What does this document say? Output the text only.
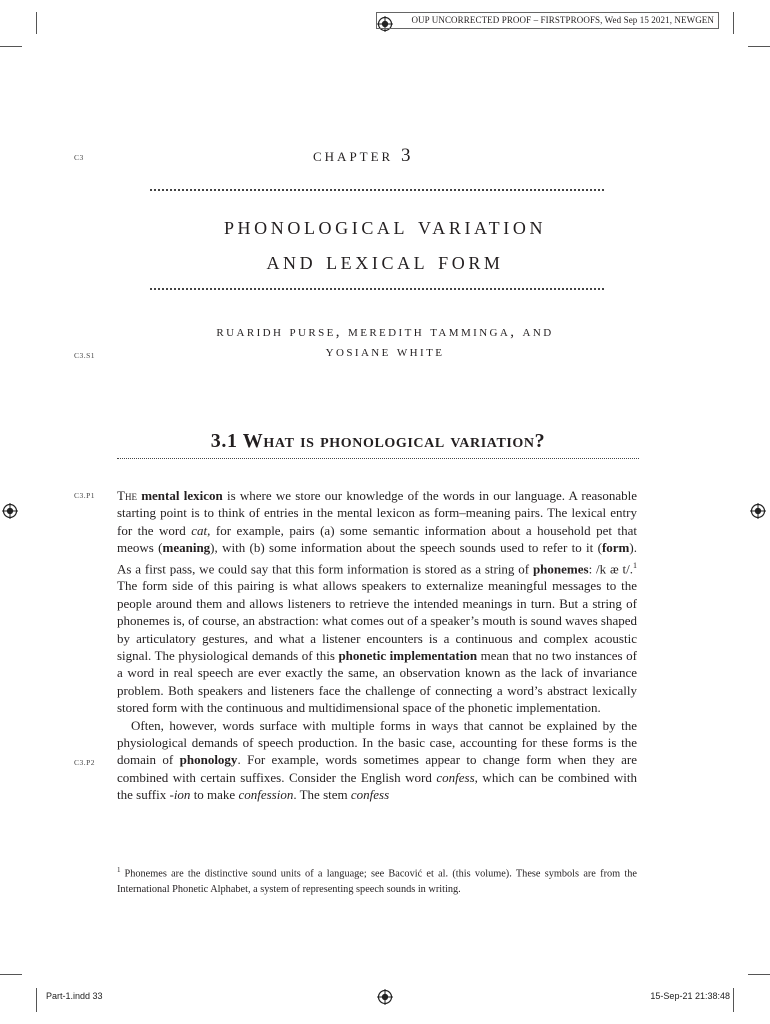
OUP UNCORRECTED PROOF – FIRSTPROOFS, Wed Sep 15 2021, NEWGEN
C3
C3.S1
C3.P1
C3.P2
chapter 3
phonological variation
and lexical form
ruaridh purse, meredith tamminga, and
yosiane white
3.1 What is phonological variation?

The mental lexicon is where we store our knowledge of the words in our language. A reasonable starting point is to think of entries in the mental lexicon as form–meaning pairs. The lexical entry for the word cat, for example, pairs (a) some semantic information about a household pet that meows (meaning), with (b) some information about the speech sounds used to refer to it (form). As a first pass, we could say that this form information is stored as a string of phonemes: /k æ t/.$^1$ The form side of this pairing is what allows speakers to externalize meaningful messages to the people around them and allows listeners to retrieve the intended meanings in turn. But a string of phonemes is, of course, an abstraction: what comes out of a speaker’s mouth is sound waves shaped by articulatory gestures, and what a listener encounters is a continuous and complex acoustic signal. The physiological demands of this phonetic implementation mean that no two instances of a word in real speech are ever exactly the same, an observation known as the lack of invariance problem. Both speakers and listeners face the challenge of connecting a word’s abstract lexically stored form with the continuous and multidimensional space of the phonetic implementation.

Often, however, words surface with multiple forms in ways that cannot be explained by the physiological demands of speech production. In the basic case, accounting for these forms is the domain of phonology. For example, words sometimes appear to change form when they are combined with certain suffixes. Consider the English word confess, which can be combined with the suffix -ion to make confession. The stem confess

$^1$ Phonemes are the distinctive sound units of a language; see Bacović et al. (this volume). These symbols are from the International Phonetic Alphabet, a system of representing speech sounds in writing.
Part-1.indd 33	15-Sep-21 21:38:48
